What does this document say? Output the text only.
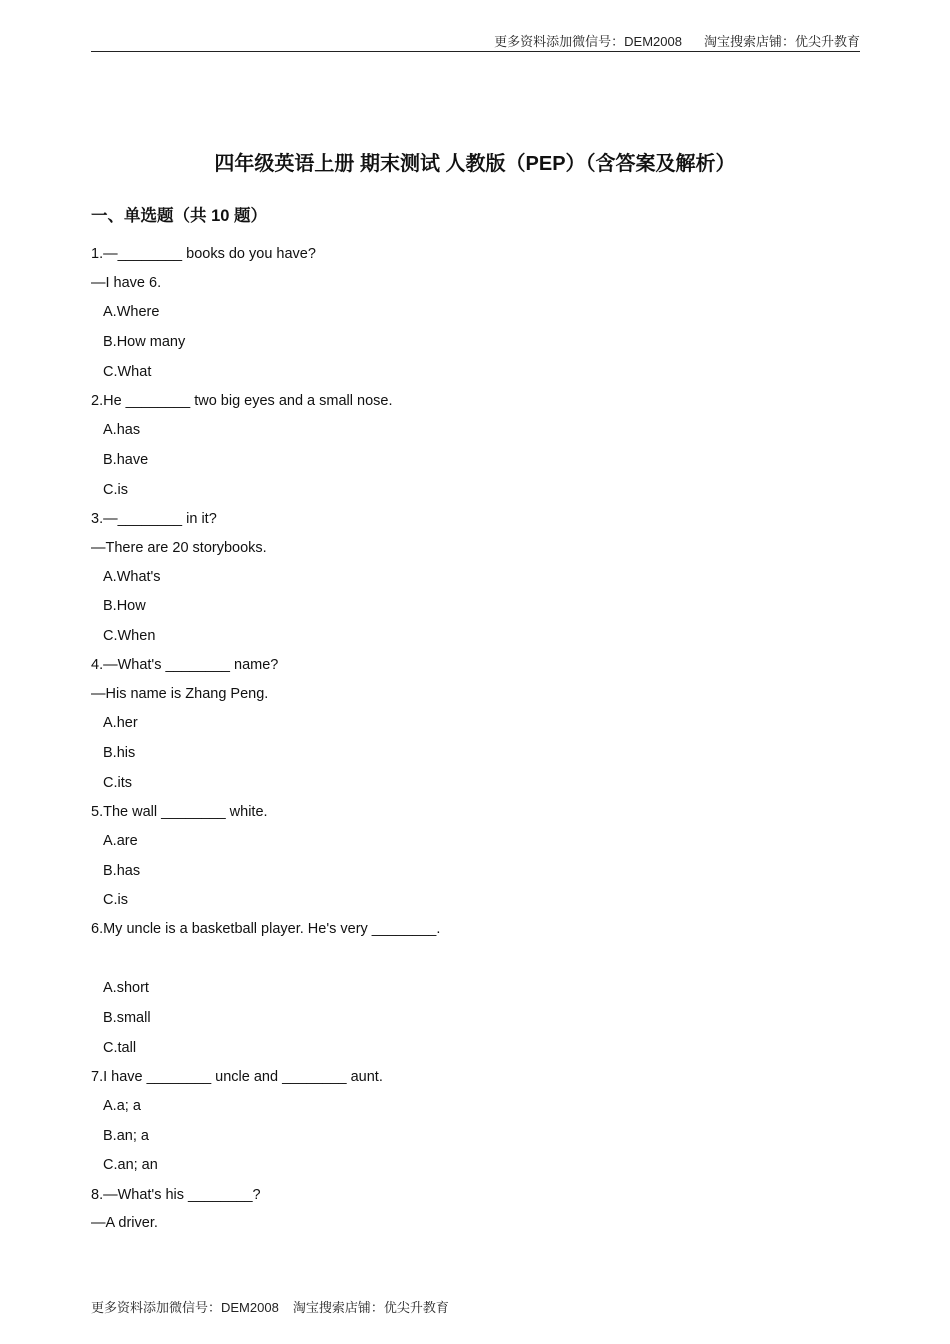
更多资料添加微信号：DEM2008 淘宝搜索店铺：优尖升教育
四年级英语上册 期末测试 人教版（PEP）（含答案及解析）
一、单选题（共 10 题）
1.—________ books do you have?
—I have 6.
A.Where
B.How many
C.What
2.He ________ two big eyes and a small nose.
A.has
B.have
C.is
3.—________ in it?
—There are 20 storybooks.
A.What's
B.How
C.When
4.—What's ________ name?
—His name is Zhang Peng.
A.her
B.his
C.its
5.The wall ________ white.
A.are
B.has
C.is
6.My uncle is a basketball player. He's very ________.
A.short
B.small
C.tall
7.I have ________ uncle and ________ aunt.
A.a; a
B.an; a
C.an; an
8.—What's his ________?
—A driver.
更多资料添加微信号：DEM2008 淘宝搜索店铺：优尖升教育
